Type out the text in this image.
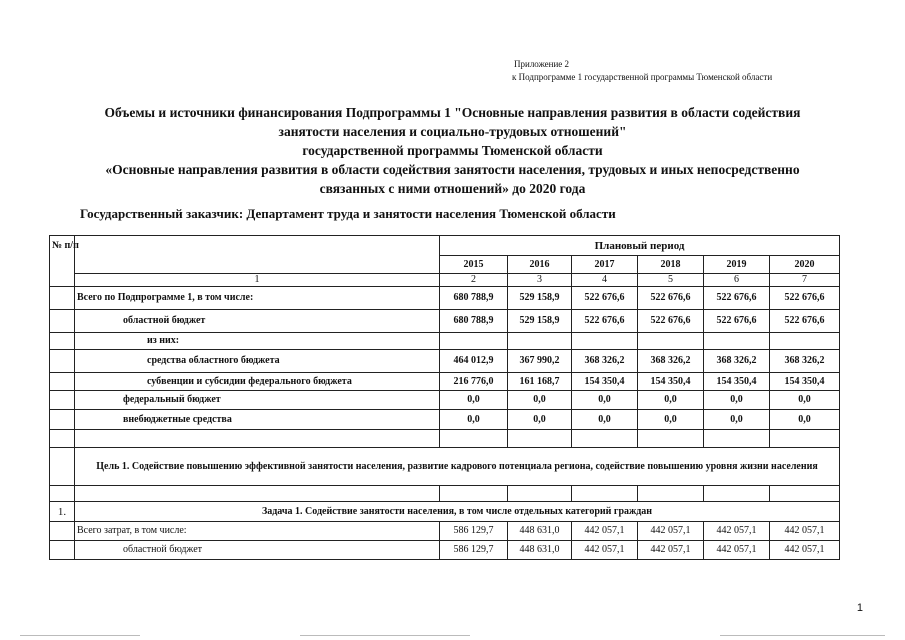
Приложение 2
к Подпрограмме 1 государственной программы Тюменской области
Объемы и источники финансирования Подпрограммы 1 "Основные направления развития в области содействия
занятости населения и социально-трудовых отношений"
государственной программы Тюменской области
«Основные направления развития в области содействия занятости населения, трудовых и иных непосредственно
связанных с ними отношений» до 2020 года
Государственный заказчик: Департамент труда и занятости населения Тюменской области
№ п/п		Плановый период					
		2015	2016	2017	2018	2019	2020
	1	2	3	4	5	6	7
	Всего по Подпрограмме 1, в том числе:	680 788,9	529 158,9	522 676,6	522 676,6	522 676,6	522 676,6
	областной бюджет	680 788,9	529 158,9	522 676,6	522 676,6	522 676,6	522 676,6
	из них:						
	средства областного бюджета	464 012,9	367 990,2	368 326,2	368 326,2	368 326,2	368 326,2
	субвенции и субсидии федерального бюджета	216 776,0	161 168,7	154 350,4	154 350,4	154 350,4	154 350,4
	федеральный бюджет	0,0	0,0	0,0	0,0	0,0	0,0
	внебюджетные средства	0,0	0,0	0,0	0,0	0,0	0,0

	Цель 1. Содействие повышению эффективной занятости населения, развитие кадрового потенциала региона, содействие повышению уровня жизни населения						

1.	Задача 1. Содействие занятости населения, в том числе отдельных категорий граждан						
	Всего затрат, в том числе:	586 129,7	448 631,0	442 057,1	442 057,1	442 057,1	442 057,1
	областной бюджет	586 129,7	448 631,0	442 057,1	442 057,1	442 057,1	442 057,1
1
